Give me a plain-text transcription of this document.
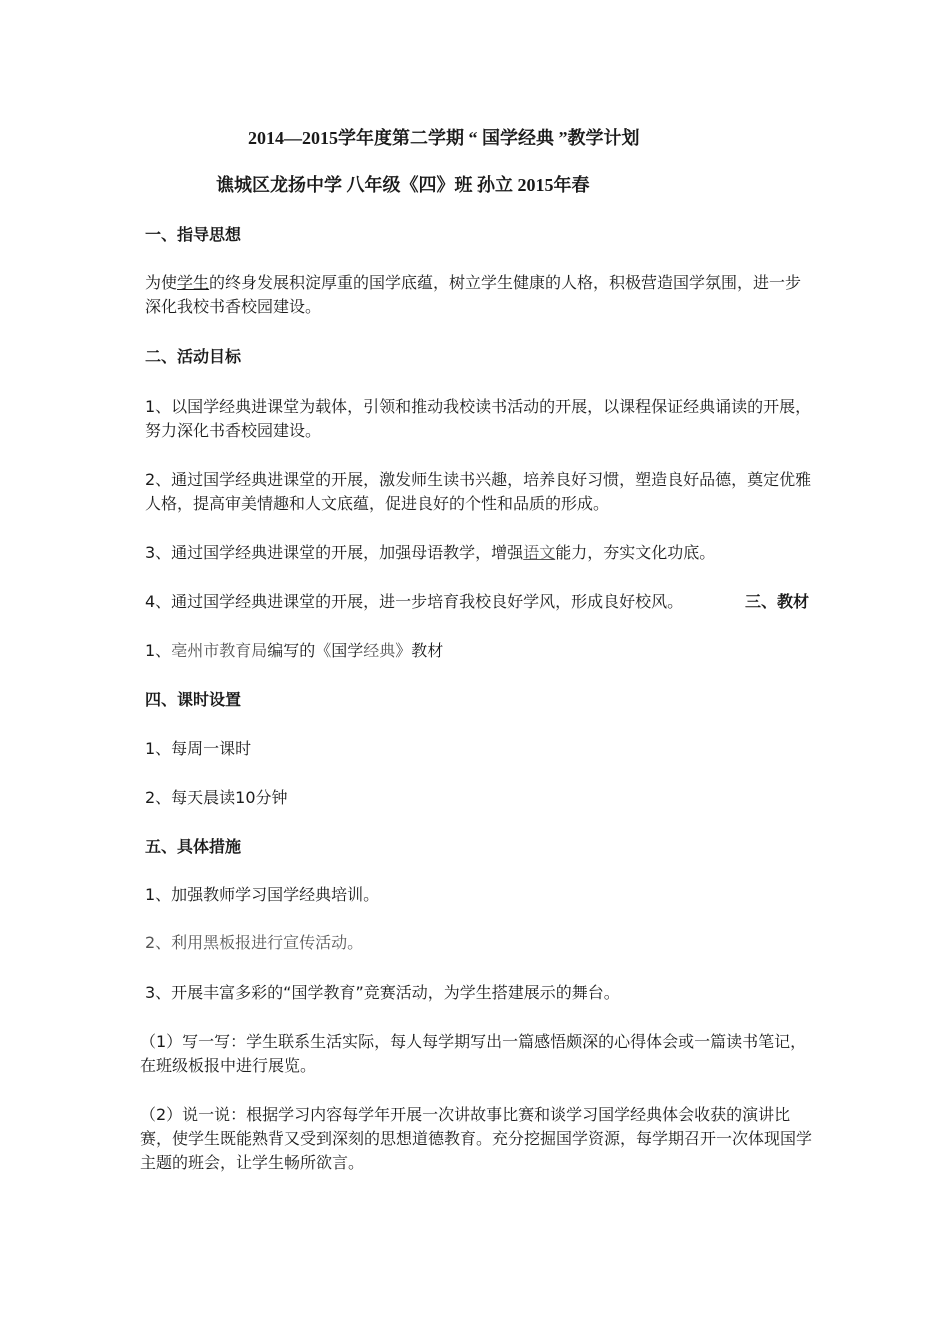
2014—2015学年度第二学期 “ 国学经典 ”教学计划
谯城区龙扬中学 八年级《四》班 孙立 2015年春
一、指导思想
为使学生的终身发展积淀厚重的国学底蕴，树立学生健康的人格，积极营造国学氛围，进一步深化我校书香校园建设。
二、活动目标
1、以国学经典进课堂为载体，引领和推动我校读书活动的开展，以课程保证经典诵读的开展，努力深化书香校园建设。
2、通过国学经典进课堂的开展，激发师生读书兴趣，培养良好习惯，塑造良好品德，奠定优雅人格，提高审美情趣和人文底蕴，促进良好的个性和品质的形成。
3、通过国学经典进课堂的开展，加强母语教学，增强语文能力，夯实文化功底。
4、通过国学经典进课堂的开展，进一步培育我校良好学风，形成良好校风。	三、教材
1、亳州市教育局编写的《国学经典》教材
四、课时设置
1、每周一课时
2、每天晨读10分钟
五、具体措施
1、加强教师学习国学经典培训。
2、利用黑板报进行宣传活动。
3、开展丰富多彩的“国学教育”竞赛活动，为学生搭建展示的舞台。
（1）写一写：学生联系生活实际，每人每学期写出一篇感悟颇深的心得体会或一篇读书笔记，在班级板报中进行展览。
（2）说一说：根据学习内容每学年开展一次讲故事比赛和谈学习国学经典体会收获的演讲比赛，使学生既能熟背又受到深刻的思想道德教育。充分挖掘国学资源，每学期召开一次体现国学主题的班会，让学生畅所欲言。
